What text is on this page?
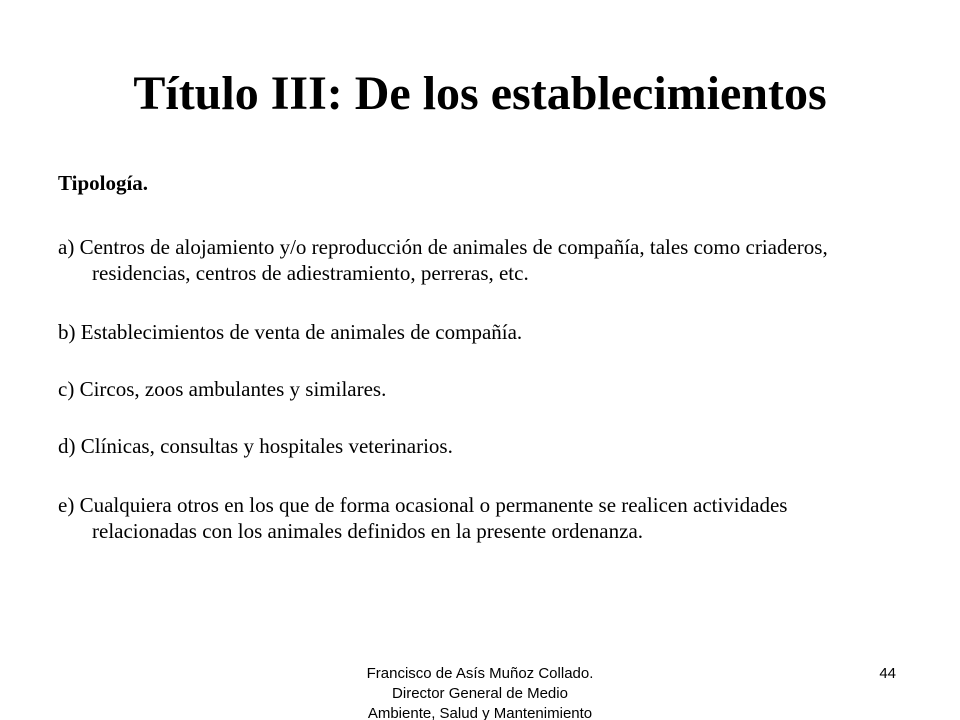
Título III: De los establecimientos

Tipología.

a) Centros de alojamiento y/o reproducción de animales de compañía, tales como criaderos, residencias, centros de adiestramiento, perreras, etc.
b) Establecimientos de venta de animales de compañía.
c) Circos, zoos ambulantes y similares.
d) Clínicas, consultas y hospitales veterinarios.
e) Cualquiera otros en los que de forma ocasional o permanente se realicen actividades relacionadas con los animales definidos en la presente ordenanza.
Francisco de Asís Muñoz Collado.
Director General de Medio
Ambiente, Salud y Mantenimiento
44
